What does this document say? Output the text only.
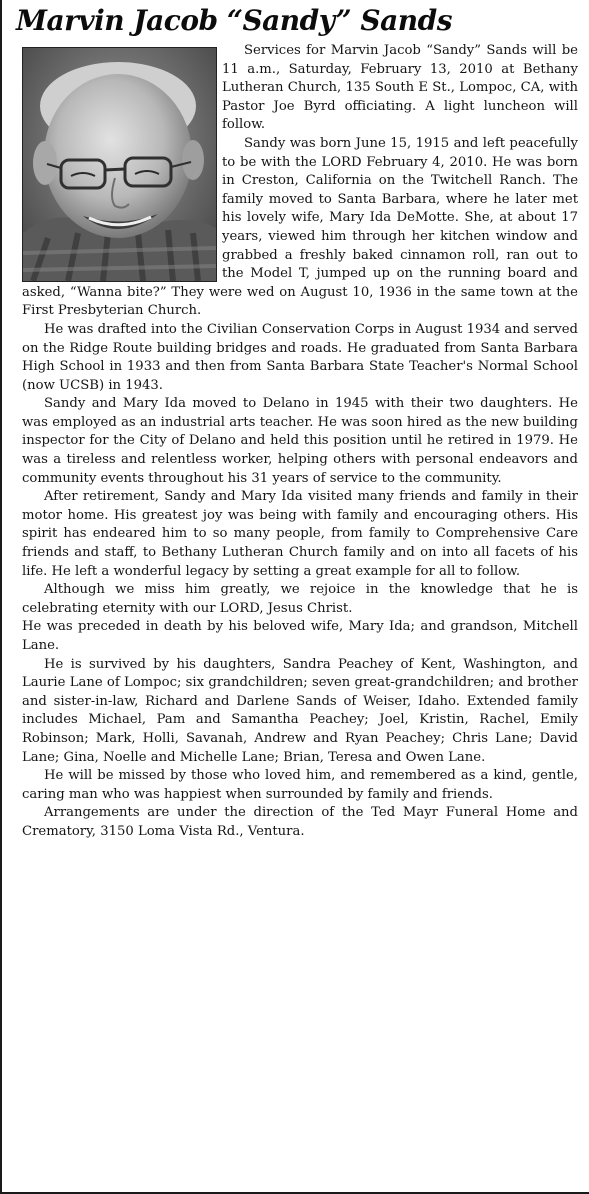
Marvin Jacob “Sandy” Sands

Services for Marvin Jacob “Sandy” Sands will be 11 a.m., Saturday, February 13, 2010 at Bethany Lutheran Church, 135 South E St., Lompoc, CA, with Pastor Joe Byrd officiating. A light luncheon will follow.

Sandy was born June 15, 1915 and left peacefully to be with the LORD February 4, 2010. He was born in Creston, California on the Twitchell Ranch. The family moved to Santa Barbara, where he later met his lovely wife, Mary Ida DeMotte. She, at about 17 years, viewed him through her kitchen window and grabbed a freshly baked cinnamon roll, ran out to the Model T, jumped up on the running board and asked, “Wanna bite?” They were wed on August 10, 1936 in the same town at the First Presbyterian Church.

He was drafted into the Civilian Conservation Corps in August 1934 and served on the Ridge Route building bridges and roads. He graduated from Santa Barbara High School in 1933 and then from Santa Barbara State Teacher's Normal School (now UCSB) in 1943.

Sandy and Mary Ida moved to Delano in 1945 with their two daughters. He was employed as an industrial arts teacher. He was soon hired as the new building inspector for the City of Delano and held this position until he retired in 1979. He was a tireless and relentless worker, helping others with personal endeavors and community events throughout his 31 years of service to the community.

After retirement, Sandy and Mary Ida visited many friends and family in their motor home. His greatest joy was being with family and encouraging others. His spirit has endeared him to so many people, from family to Comprehensive Care friends and staff, to Bethany Lutheran Church family and on into all facets of his life. He left a wonderful legacy by setting a great example for all to follow.

Although we miss him greatly, we rejoice in the knowledge that he is celebrating eternity with our LORD, Jesus Christ.

He was preceded in death by his beloved wife, Mary Ida; and grandson, Mitchell Lane.

He is survived by his daughters, Sandra Peachey of Kent, Washington, and Laurie Lane of Lompoc; six grandchildren; seven great-grandchildren; and brother and sister-in-law, Richard and Darlene Sands of Weiser, Idaho. Extended family includes Michael, Pam and Samantha Peachey; Joel, Kristin, Rachel, Emily Robinson; Mark, Holli, Savanah, Andrew and Ryan Peachey; Chris Lane; David Lane; Gina, Noelle and Michelle Lane; Brian, Teresa and Owen Lane.

He will be missed by those who loved him, and remembered as a kind, gentle, caring man who was happiest when surrounded by family and friends.

Arrangements are under the direction of the Ted Mayr Funeral Home and Crematory, 3150 Loma Vista Rd., Ventura.
